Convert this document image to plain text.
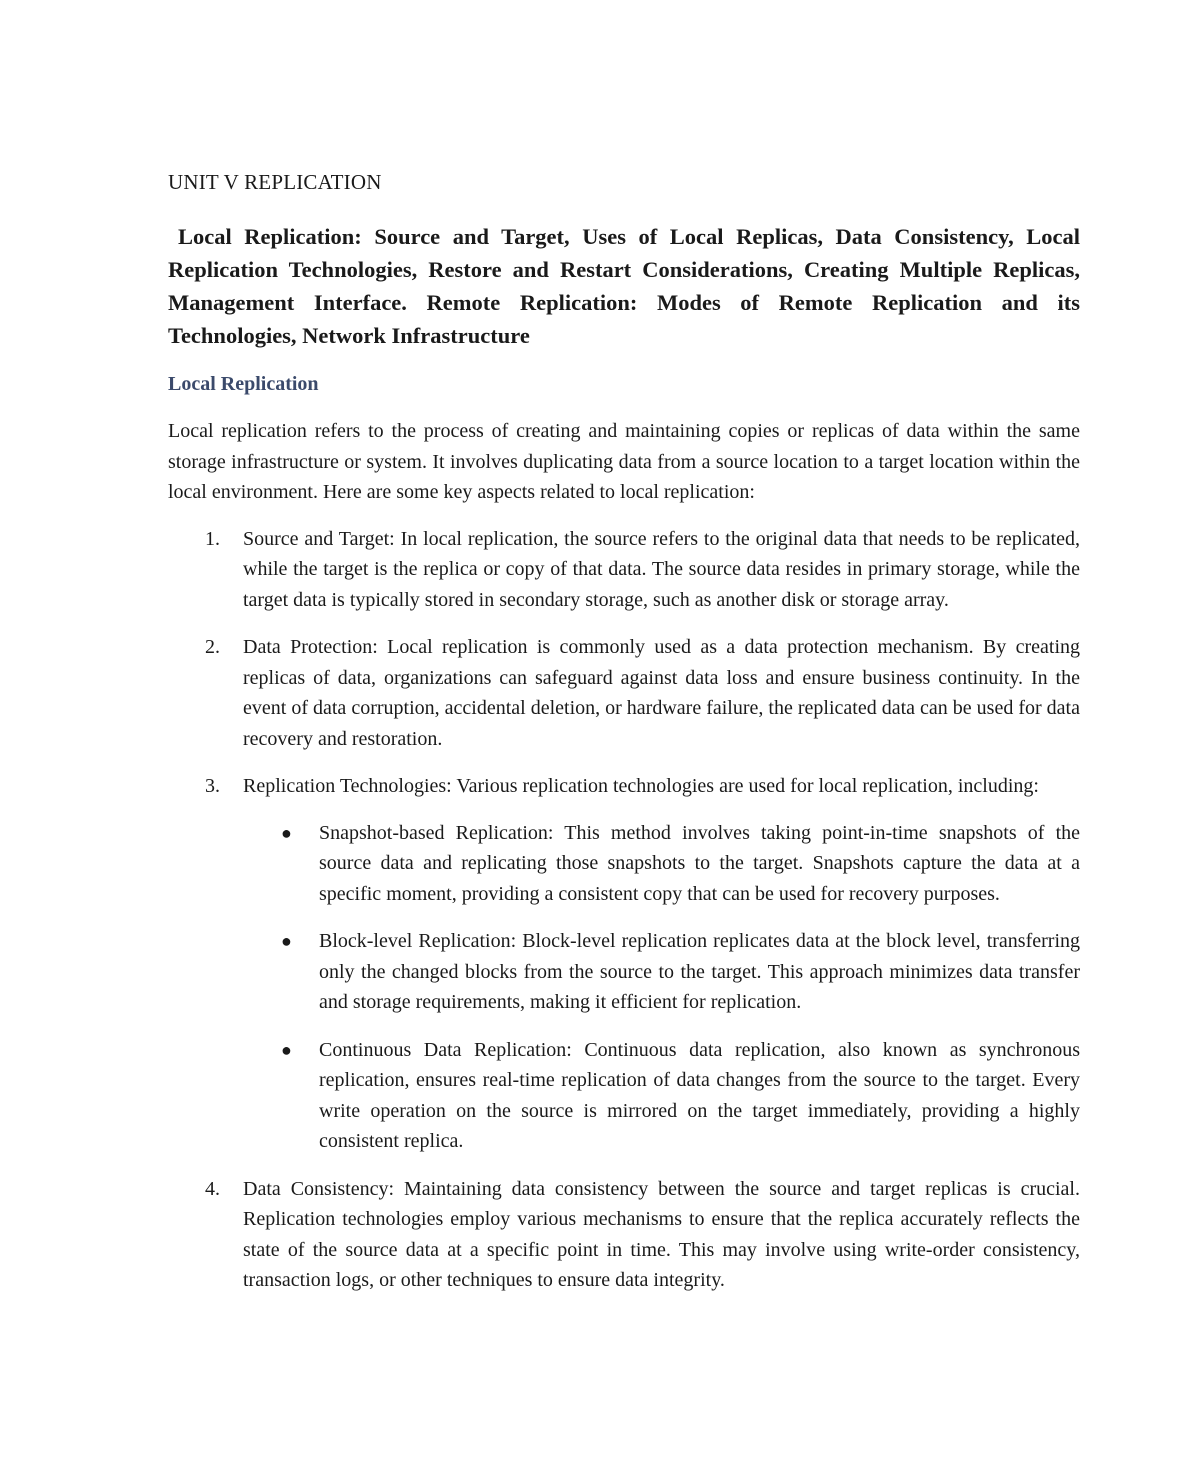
UNIT V REPLICATION

Local Replication: Source and Target, Uses of Local Replicas, Data Consistency, Local Replication Technologies, Restore and Restart Considerations, Creating Multiple Replicas, Management Interface. Remote Replication: Modes of Remote Replication and its Technologies, Network Infrastructure

Local Replication

Local replication refers to the process of creating and maintaining copies or replicas of data within the same storage infrastructure or system. It involves duplicating data from a source location to a target location within the local environment. Here are some key aspects related to local replication:

1. Source and Target: In local replication, the source refers to the original data that needs to be replicated, while the target is the replica or copy of that data. The source data resides in primary storage, while the target data is typically stored in secondary storage, such as another disk or storage array.
2. Data Protection: Local replication is commonly used as a data protection mechanism. By creating replicas of data, organizations can safeguard against data loss and ensure business continuity. In the event of data corruption, accidental deletion, or hardware failure, the replicated data can be used for data recovery and restoration.
3. Replication Technologies: Various replication technologies are used for local replication, including:
● Snapshot-based Replication: This method involves taking point-in-time snapshots of the source data and replicating those snapshots to the target. Snapshots capture the data at a specific moment, providing a consistent copy that can be used for recovery purposes.
● Block-level Replication: Block-level replication replicates data at the block level, transferring only the changed blocks from the source to the target. This approach minimizes data transfer and storage requirements, making it efficient for replication.
● Continuous Data Replication: Continuous data replication, also known as synchronous replication, ensures real-time replication of data changes from the source to the target. Every write operation on the source is mirrored on the target immediately, providing a highly consistent replica.
4. Data Consistency: Maintaining data consistency between the source and target replicas is crucial. Replication technologies employ various mechanisms to ensure that the replica accurately reflects the state of the source data at a specific point in time. This may involve using write-order consistency, transaction logs, or other techniques to ensure data integrity.
